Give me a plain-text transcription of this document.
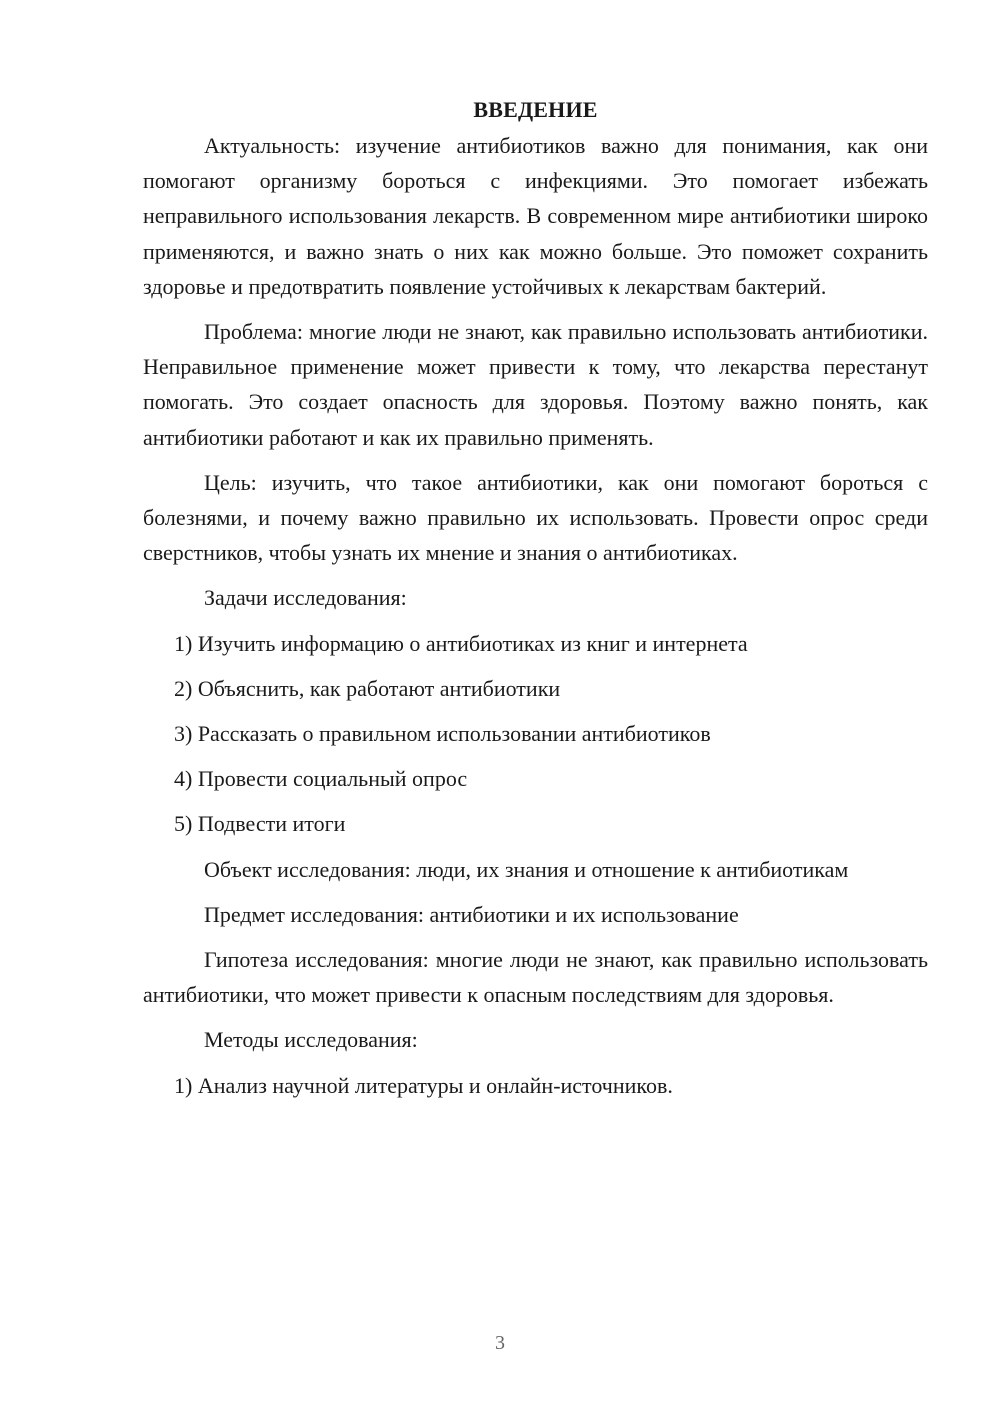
ВВЕДЕНИЕ

Актуальность: изучение антибиотиков важно для понимания, как они помогают организму бороться с инфекциями. Это помогает избежать неправильного использования лекарств. В современном мире антибиотики широко применяются, и важно знать о них как можно больше. Это поможет сохранить здоровье и предотвратить появление устойчивых к лекарствам бактерий.

Проблема: многие люди не знают, как правильно использовать антибиотики. Неправильное применение может привести к тому, что лекарства перестанут помогать. Это создает опасность для здоровья. Поэтому важно понять, как антибиотики работают и как их правильно применять.

Цель: изучить, что такое антибиотики, как они помогают бороться с болезнями, и почему важно правильно их использовать. Провести опрос среди сверстников, чтобы узнать их мнение и знания о антибиотиках.

Задачи исследования:

1) Изучить информацию о антибиотиках из книг и интернета
2) Объяснить, как работают антибиотики
3) Рассказать о правильном использовании антибиотиков
4) Провести социальный опрос
5) Подвести итоги

Объект исследования: люди, их знания и отношение к антибиотикам

Предмет исследования: антибиотики и их использование

Гипотеза исследования: многие люди не знают, как правильно использовать антибиотики, что может привести к опасным последствиям для здоровья.

Методы исследования:

1) Анализ научной литературы и онлайн-источников.
3
